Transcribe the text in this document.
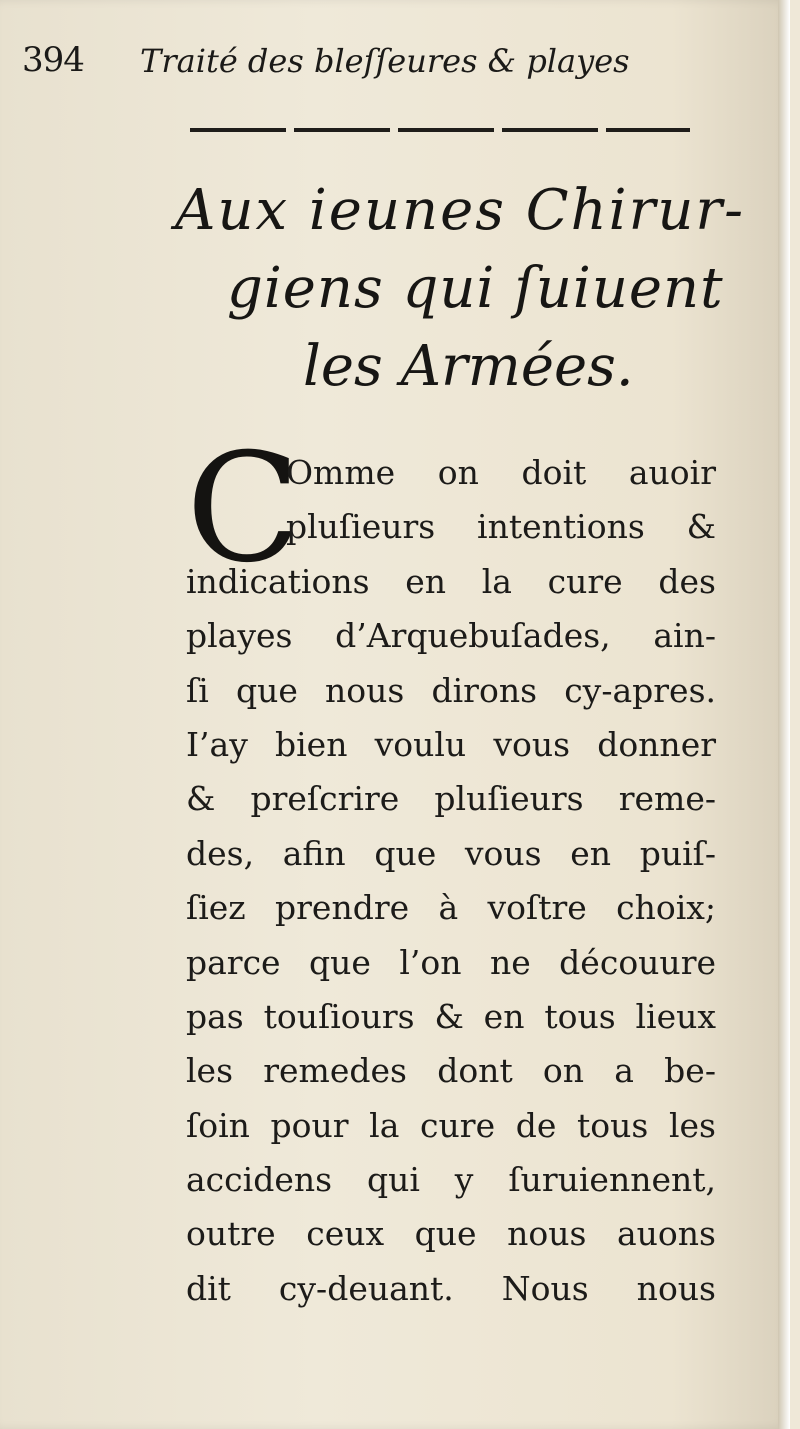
394 Traité des bleſſeures & playes
Aux ieunes Chirur-
giens qui ſuiuent
les Armées.
C
Omme on doit auoir
pluſieurs intentions &
indications en la cure des
playes d’Arquebuſades, ain-
ſi que nous dirons cy-apres.
I’ay bien voulu vous donner
& preſcrire pluſieurs reme-
des, afin que vous en puiſ-
ſiez prendre à voſtre choix;
parce que l’on ne découure
pas touſiours & en tous lieux
les remedes dont on a be-
ſoin pour la cure de tous les
accidens qui y ſuruiennent,
outre ceux que nous auons
dit cy-deuant. Nous nous
